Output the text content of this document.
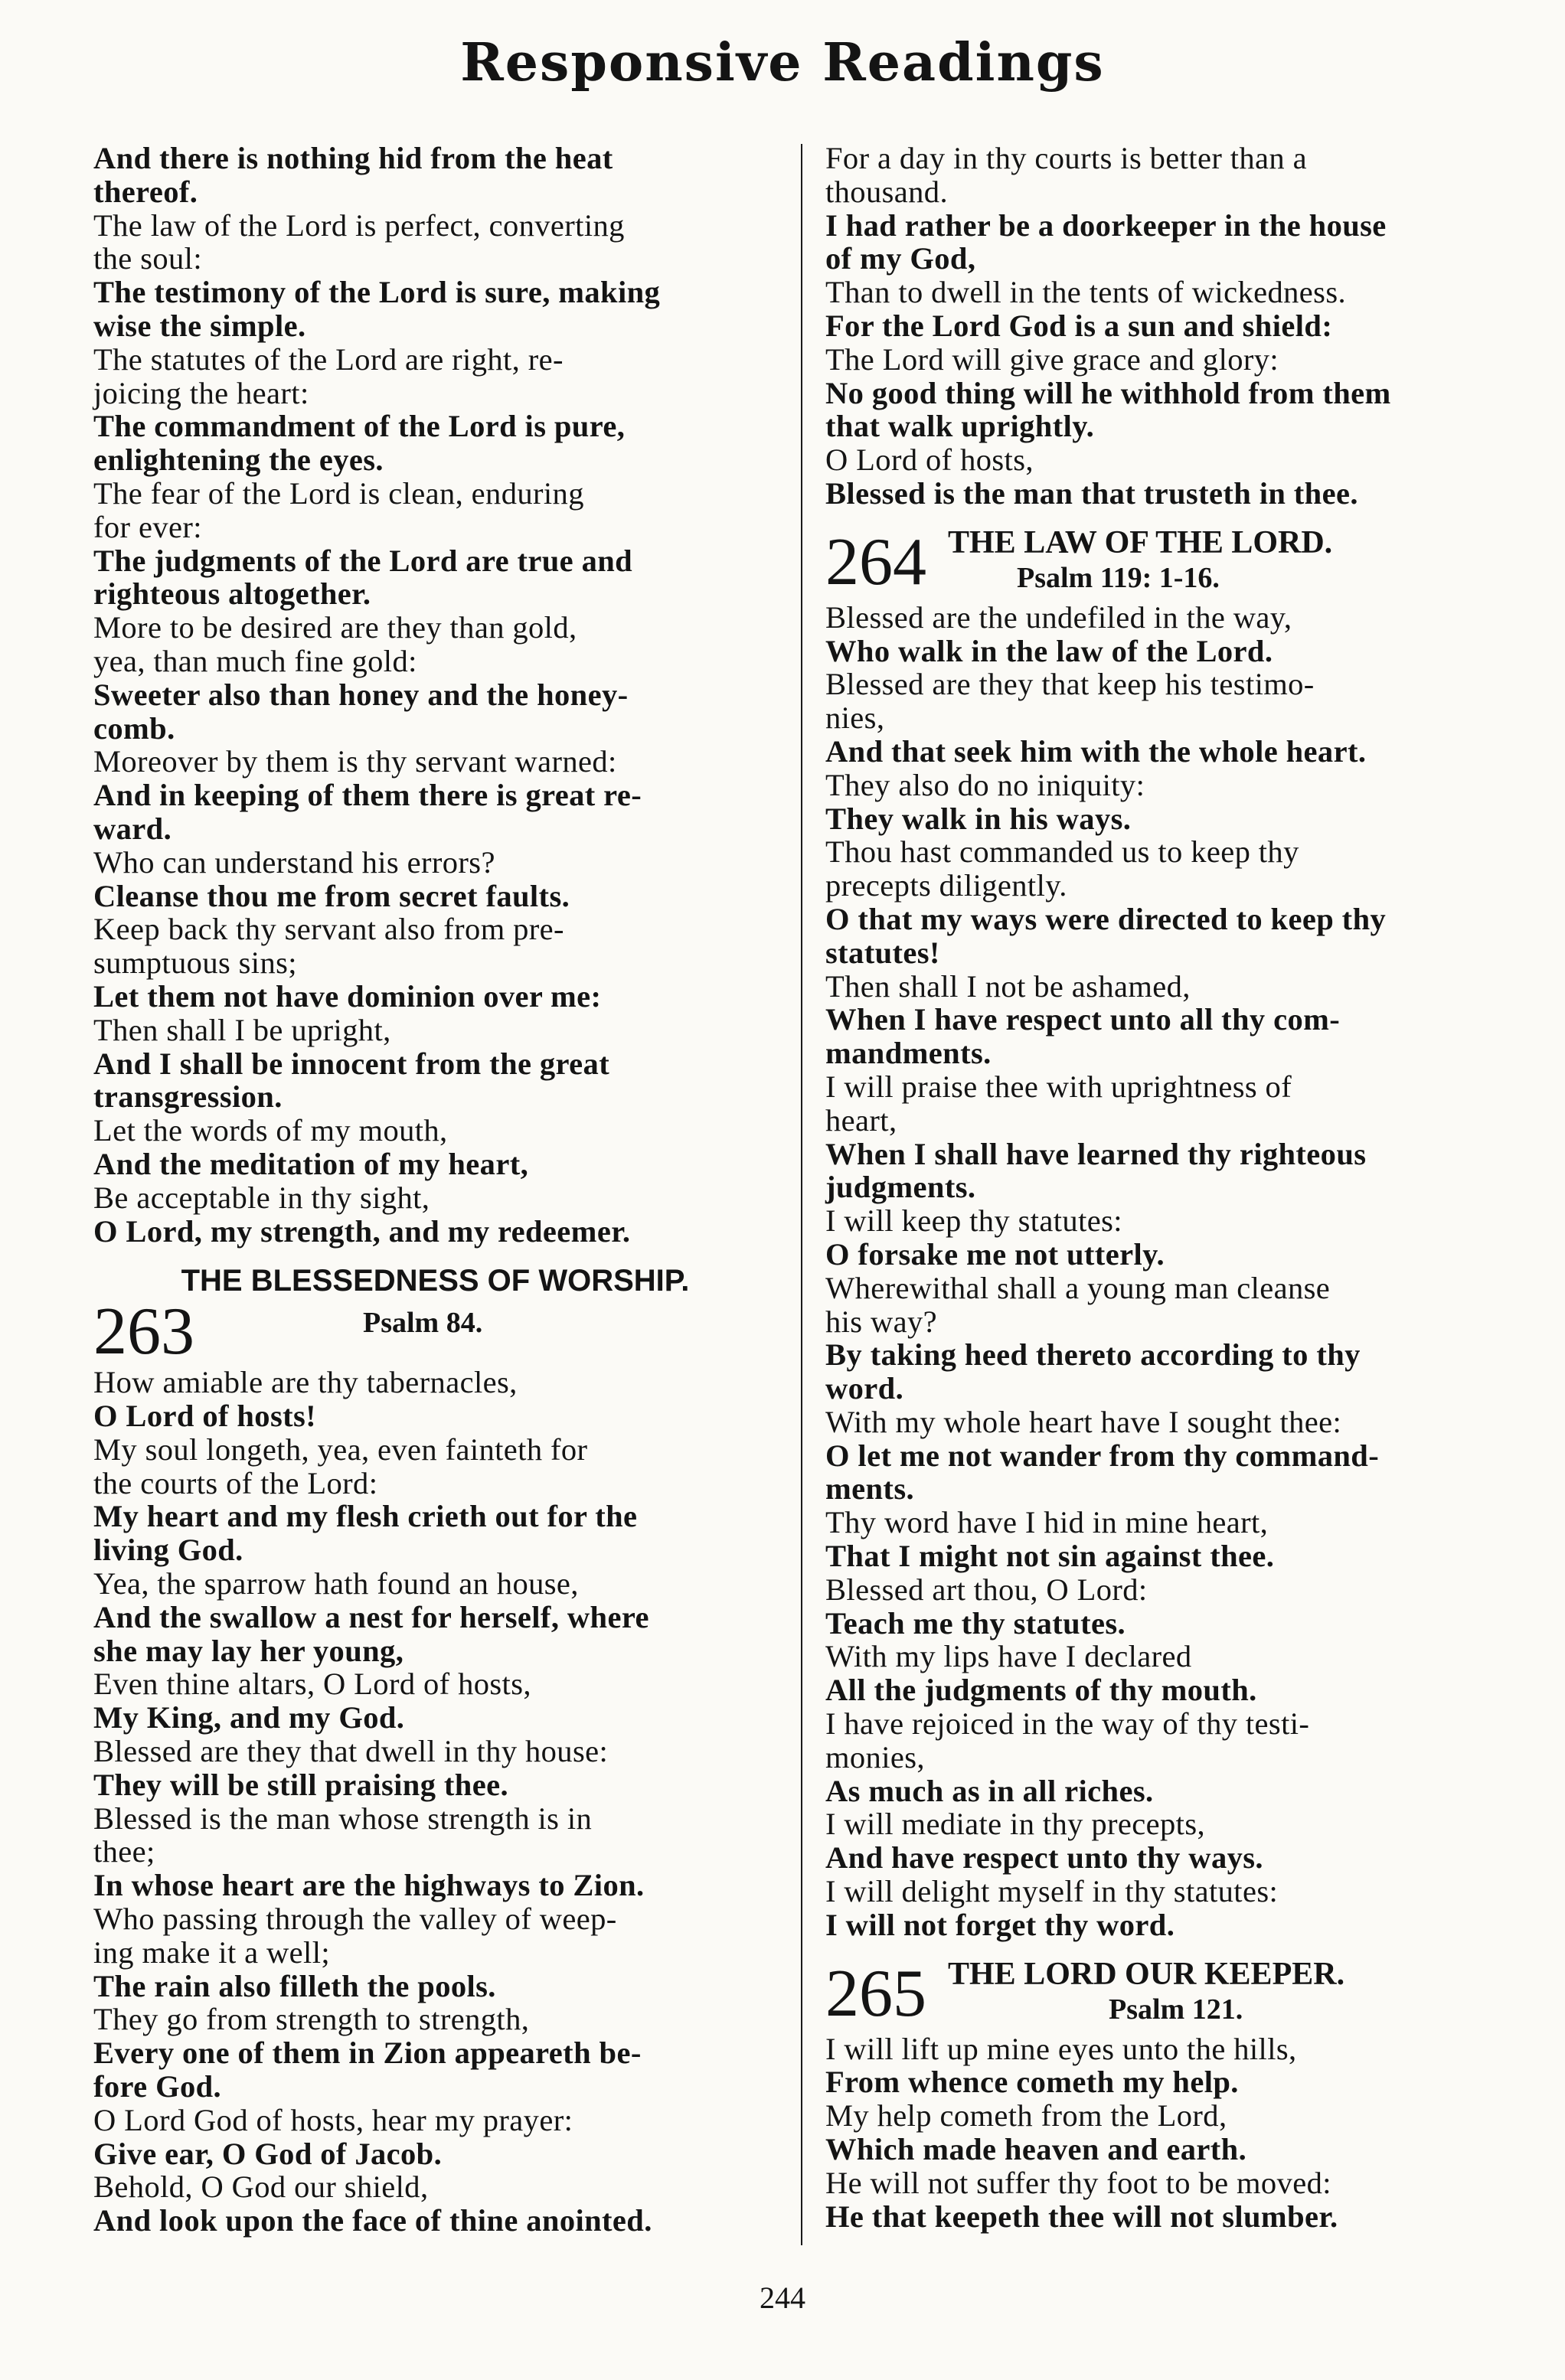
Responsive Readings
And there is nothing hid from the heat
thereof.
The law of the Lord is perfect, converting
the soul:
The testimony of the Lord is sure, making
wise the simple.
The statutes of the Lord are right, re-
joicing the heart:
The commandment of the Lord is pure,
enlightening the eyes.
The fear of the Lord is clean, enduring
for ever:
The judgments of the Lord are true and
righteous altogether.
More to be desired are they than gold,
yea, than much fine gold:
Sweeter also than honey and the honey-
comb.
Moreover by them is thy servant warned:
And in keeping of them there is great re-
ward.
Who can understand his errors?
Cleanse thou me from secret faults.
Keep back thy servant also from pre-
sumptuous sins;
Let them not have dominion over me:
Then shall I be upright,
And I shall be innocent from the great
transgression.
Let the words of my mouth,
And the meditation of my heart,
Be acceptable in thy sight,
O Lord, my strength, and my redeemer.
THE BLESSEDNESS OF WORSHIP.
263	Psalm 84.
How amiable are thy tabernacles,
O Lord of hosts!
My soul longeth, yea, even fainteth for
the courts of the Lord:
My heart and my flesh crieth out for the
living God.
Yea, the sparrow hath found an house,
And the swallow a nest for herself, where
she may lay her young,
Even thine altars, O Lord of hosts,
My King, and my God.
Blessed are they that dwell in thy house:
They will be still praising thee.
Blessed is the man whose strength is in
thee;
In whose heart are the highways to Zion.
Who passing through the valley of weep-
ing make it a well;
The rain also filleth the pools.
They go from strength to strength,
Every one of them in Zion appeareth be-
fore God.
O Lord God of hosts, hear my prayer:
Give ear, O God of Jacob.
Behold, O God our shield,
And look upon the face of thine anointed.
For a day in thy courts is better than a
thousand.
I had rather be a doorkeeper in the house
of my God,
Than to dwell in the tents of wickedness.
For the Lord God is a sun and shield:
The Lord will give grace and glory:
No good thing will he withhold from them
that walk uprightly.
O Lord of hosts,
Blessed is the man that trusteth in thee.
264 THE LAW OF THE LORD.
Psalm 119: 1-16.
Blessed are the undefiled in the way,
Who walk in the law of the Lord.
Blessed are they that keep his testimo-
nies,
And that seek him with the whole heart.
They also do no iniquity:
They walk in his ways.
Thou hast commanded us to keep thy
precepts diligently.
O that my ways were directed to keep thy
statutes!
Then shall I not be ashamed,
When I have respect unto all thy com-
mandments.
I will praise thee with uprightness of
heart,
When I shall have learned thy righteous
judgments.
I will keep thy statutes:
O forsake me not utterly.
Wherewithal shall a young man cleanse
his way?
By taking heed thereto according to thy
word.
With my whole heart have I sought thee:
O let me not wander from thy command-
ments.
Thy word have I hid in mine heart,
That I might not sin against thee.
Blessed art thou, O Lord:
Teach me thy statutes.
With my lips have I declared
All the judgments of thy mouth.
I have rejoiced in the way of thy testi-
monies,
As much as in all riches.
I will mediate in thy precepts,
And have respect unto thy ways.
I will delight myself in thy statutes:
I will not forget thy word.
265 THE LORD OUR KEEPER.
Psalm 121.
I will lift up mine eyes unto the hills,
From whence cometh my help.
My help cometh from the Lord,
Which made heaven and earth.
He will not suffer thy foot to be moved:
He that keepeth thee will not slumber.
244
